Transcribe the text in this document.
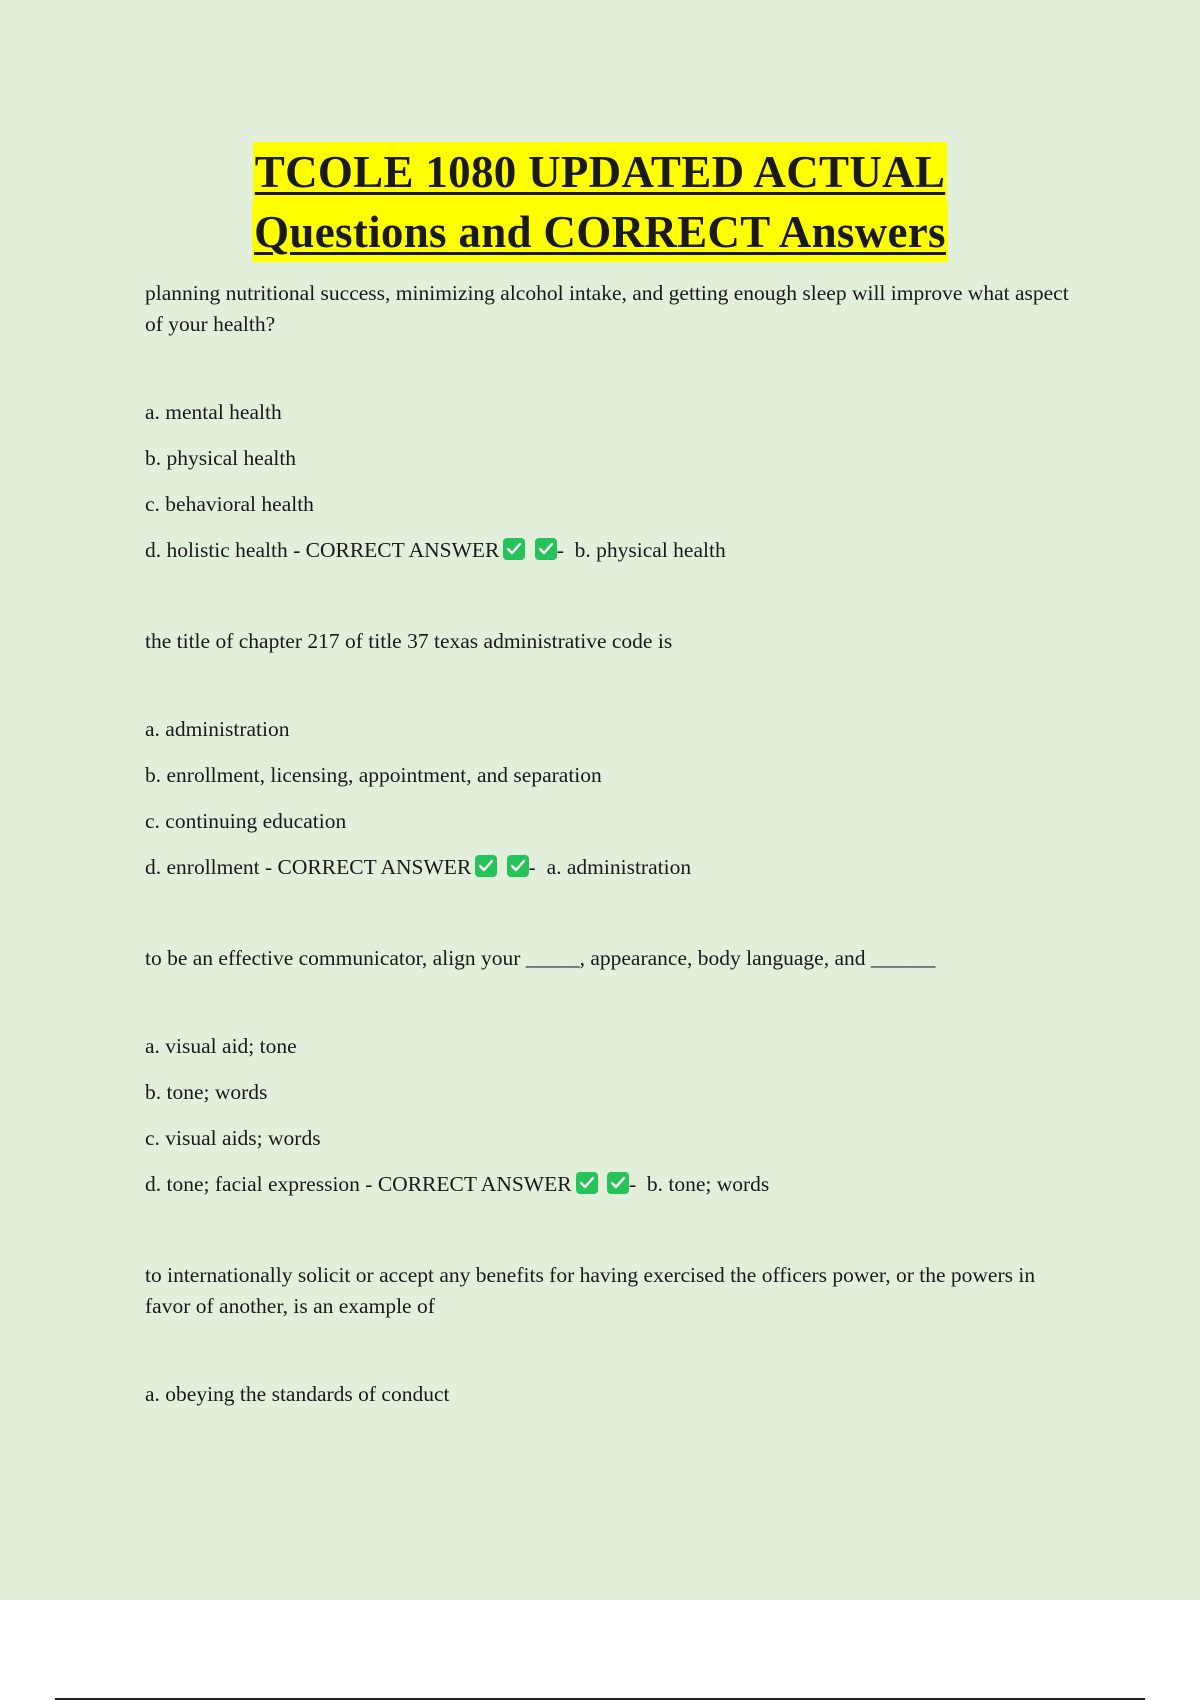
TCOLE 1080 UPDATED ACTUAL
Questions and CORRECT Answers
planning nutritional success, minimizing alcohol intake, and getting enough sleep will improve what aspect of your health?
a. mental health
b. physical health
c. behavioral health
d. holistic health - CORRECT ANSWER
	- b. physical health
the title of chapter 217 of title 37 texas administrative code is
a. administration
b. enrollment, licensing, appointment, and separation
c. continuing education
d. enrollment - CORRECT ANSWER
	- a. administration
to be an effective communicator, align your _____, appearance, body language, and ______
a. visual aid; tone
b. tone; words
c. visual aids; words
d. tone; facial expression - CORRECT ANSWER
	- b. tone; words
to internationally solicit or accept any benefits for having exercised the officers power, or the powers in favor of another, is an example of
a. obeying the standards of conduct
